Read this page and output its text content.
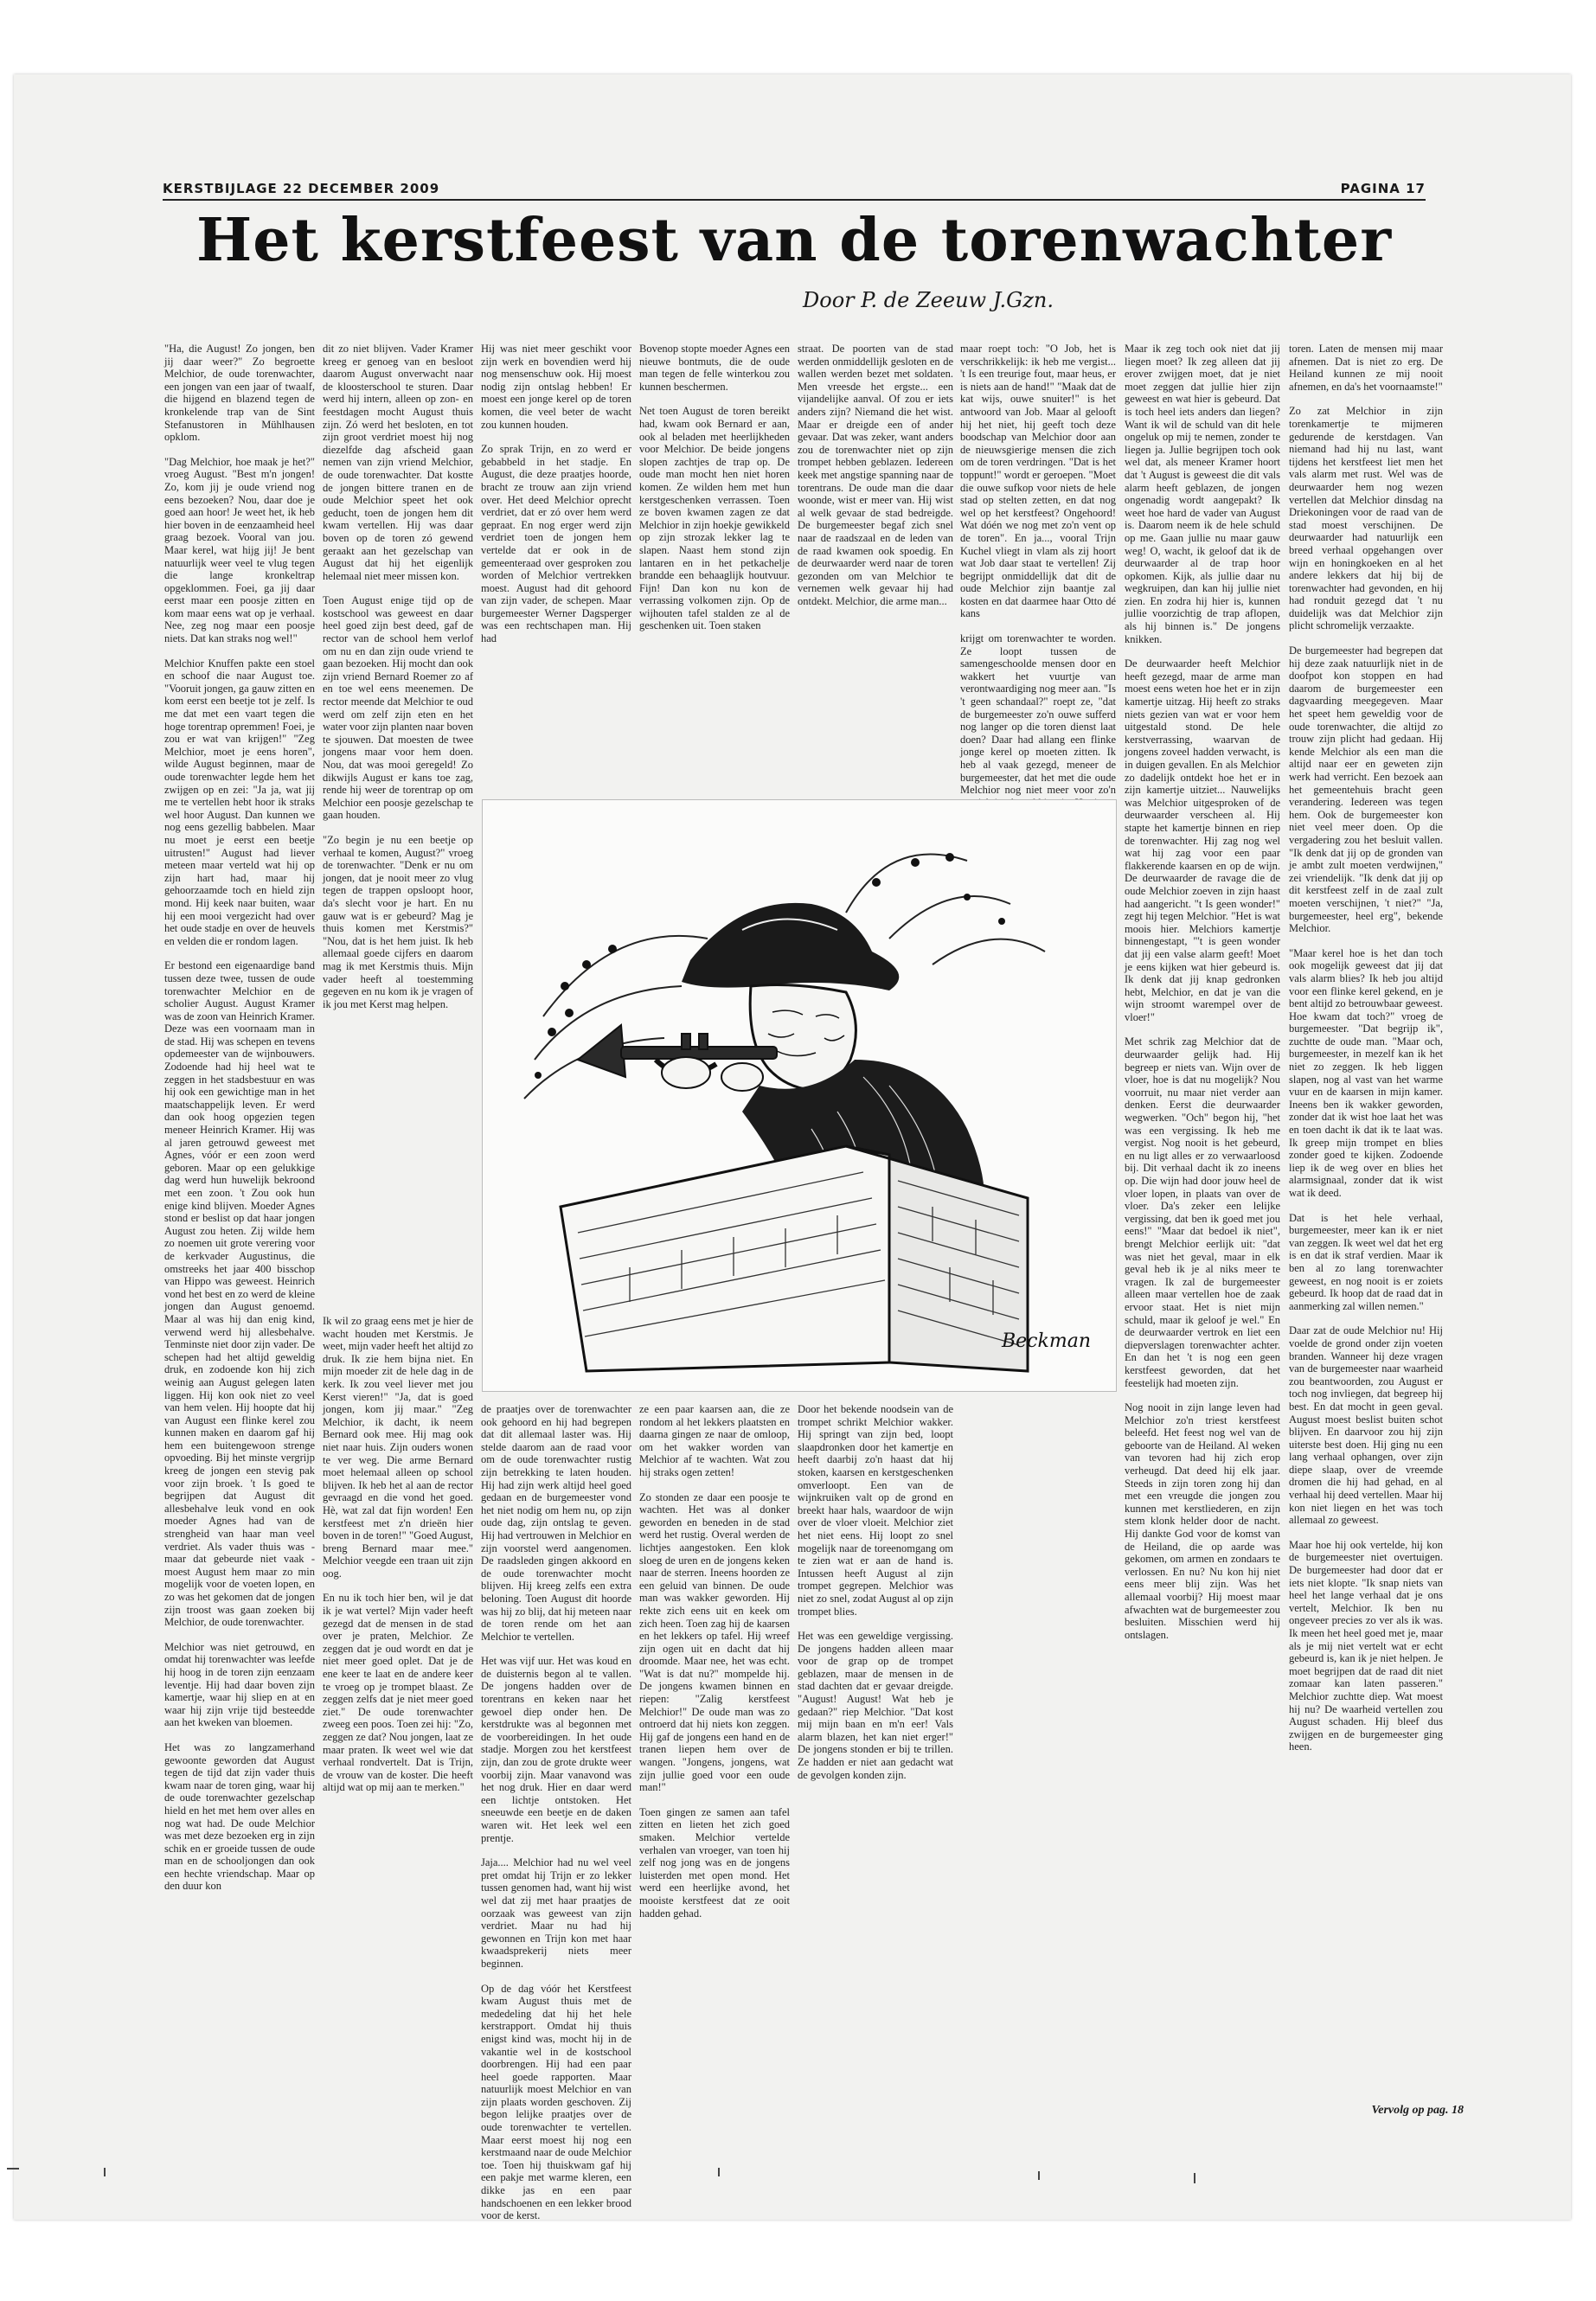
KERSTBIJLAGE 22 DECEMBER 2009	PAGINA 17
Het kerstfeest van de torenwachter
Door P. de Zeeuw J.Gzn.

"Ha, die August! Zo jongen, ben jij daar weer?" Zo begroette Melchior, de oude torenwachter, een jongen van een jaar of twaalf, die hijgend en blazend tegen de kronkelende trap van de Sint Stefanustoren in Mühlhausen opklom.

"Dag Melchior, hoe maak je het?" vroeg August. "Best m'n jongen! Zo, kom jij je oude vriend nog eens bezoeken? Nou, daar doe je goed aan hoor! Je weet het, ik heb hier boven in de eenzaamheid heel graag bezoek. Vooral van jou. Maar kerel, wat hijg jij! Je bent natuurlijk weer veel te vlug tegen die lange kronkeltrap opgeklommen. Foei, ga jij daar eerst maar een poosje zitten en kom maar eens wat op je verhaal. Nee, zeg nog maar een poosje niets. Dat kan straks nog wel!"

Melchior Knuffen pakte een stoel en schoof die naar August toe. "Vooruit jongen, ga gauw zitten en kom eerst een beetje tot je zelf. Is me dat met een vaart tegen die hoge torentrap opremmen! Foei, je zou er wat van krijgen!" "Zeg Melchior, moet je eens horen", wilde August beginnen, maar de oude torenwachter legde hem het zwijgen op en zei: "Ja ja, wat jij me te vertellen hebt hoor ik straks wel hoor August. Dan kunnen we nog eens gezellig babbelen. Maar nu moet je eerst een beetje uitrusten!" August had liever meteen maar verteld wat hij op zijn hart had, maar hij gehoorzaamde toch en hield zijn mond. Hij keek naar buiten, waar hij een mooi vergezicht had over het oude stadje en over de heuvels en velden die er rondom lagen.

Er bestond een eigenaardige band tussen deze twee, tussen de oude torenwachter Melchior en de scholier August. August Kramer was de zoon van Heinrich Kramer. Deze was een voornaam man in de stad. Hij was schepen en tevens opdemeester van de wijnbouwers. Zodoende had hij heel wat te zeggen in het stadsbestuur en was hij ook een gewichtige man in het maatschappelijk leven. Er werd dan ook hoog opgezien tegen meneer Heinrich Kramer. Hij was al jaren getrouwd geweest met Agnes, vóór er een zoon werd geboren. Maar op een gelukkige dag werd hun huwelijk bekroond met een zoon. 't Zou ook hun enige kind blijven. Moeder Agnes stond er beslist op dat haar jongen August zou heten. Zij wilde hem zo noemen uit grote verering voor de kerkvader Augustinus, die omstreeks het jaar 400 bisschop van Hippo was geweest. Heinrich vond het best en zo werd de kleine jongen dan August genoemd. Maar al was hij dan enig kind, verwend werd hij allesbehalve. Tenminste niet door zijn vader. De schepen had het altijd geweldig druk, en zodoende kon hij zich weinig aan August gelegen laten liggen. Hij kon ook niet zo veel van hem velen. Hij hoopte dat hij van August een flinke kerel zou kunnen maken en daarom gaf hij hem een buitengewoon strenge opvoeding. Bij het minste vergrijp kreeg de jongen een stevig pak voor zijn broek. 't Is goed te begrijpen dat August dit allesbehalve leuk vond en ook moeder Agnes had van de strengheid van haar man veel verdriet. Als vader thuis was - maar dat gebeurde niet vaak - moest August hem maar zo min mogelijk voor de voeten lopen, en zo was het gekomen dat de jongen zijn troost was gaan zoeken bij Melchior, de oude torenwachter.

Melchior was niet getrouwd, en omdat hij torenwachter was leefde hij hoog in de toren zijn eenzaam leventje. Hij had daar boven zijn kamertje, waar hij sliep en at en waar hij zijn vrije tijd besteedde aan het kweken van bloemen.

Het was zo langzamerhand gewoonte geworden dat August tegen de tijd dat zijn vader thuis kwam naar de toren ging, waar hij de oude torenwachter gezelschap hield en het met hem over alles en nog wat had. De oude Melchior was met deze bezoeken erg in zijn schik en er groeide tussen de oude man en de schooljongen dan ook een hechte vriendschap. Maar op den duur kon

dit zo niet blijven. Vader Kramer kreeg er genoeg van en besloot daarom August onverwacht naar de kloosterschool te sturen. Daar werd hij intern, alleen op zon- en feestdagen mocht August thuis zijn. Zó werd het besloten, en tot zijn groot verdriet moest hij nog diezelfde dag afscheid gaan nemen van zijn vriend Melchior, de oude torenwachter. Dat kostte de jongen bittere tranen en de oude Melchior speet het ook geducht, toen de jongen hem dit kwam vertellen. Hij was daar boven op de toren zó gewend geraakt aan het gezelschap van August dat hij het eigenlijk helemaal niet meer missen kon.

Toen August enige tijd op de kostschool was geweest en daar heel goed zijn best deed, gaf de rector van de school hem verlof om nu en dan zijn oude vriend te gaan bezoeken. Hij mocht dan ook zijn vriend Bernard Roemer zo af en toe wel eens meenemen. De rector meende dat Melchior te oud werd om zelf zijn eten en het water voor zijn planten naar boven te sjouwen. Dat moesten de twee jongens maar voor hem doen. Nou, dat was mooi geregeld! Zo dikwijls August er kans toe zag, rende hij weer de torentrap op om Melchior een poosje gezelschap te gaan houden.

"Zo begin je nu een beetje op verhaal te komen, August?" vroeg de torenwachter. "Denk er nu om jongen, dat je nooit meer zo vlug tegen de trappen opsloopt hoor, da's slecht voor je hart. En nu gauw wat is er gebeurd? Mag je thuis komen met Kerstmis?" "Nou, dat is het hem juist. Ik heb allemaal goede cijfers en daarom mag ik met Kerstmis thuis. Mijn vader heeft al toestemming gegeven en nu kom ik je vragen of ik jou met Kerst mag helpen.

Hij was niet meer geschikt voor zijn werk en bovendien werd hij nog mensenschuw ook. Hij moest nodig zijn ontslag hebben! Er moest een jonge kerel op de toren komen, die veel beter de wacht zou kunnen houden.

Zo sprak Trijn, en zo werd er gebabbeld in het stadje. En August, die deze praatjes hoorde, bracht ze trouw aan zijn vriend over. Het deed Melchior oprecht verdriet, dat er zó over hem werd gepraat. En nog erger werd zijn verdriet toen de jongen hem vertelde dat er ook in de gemeenteraad over gesproken zou worden of Melchior vertrekken moest. August had dit gehoord van zijn vader, de schepen. Maar burgemeester Werner Dagsperger was een rechtschapen man. Hij had

Bovenop stopte moeder Agnes een nieuwe bontmuts, die de oude man tegen de felle winterkou zou kunnen beschermen.

Net toen August de toren bereikt had, kwam ook Bernard er aan, ook al beladen met heerlijkheden voor Melchior. De beide jongens slopen zachtjes de trap op. De oude man mocht hen niet horen komen. Ze wilden hem met hun kerstgeschenken verrassen. Toen ze boven kwamen zagen ze dat Melchior in zijn hoekje gewikkeld op zijn strozak lekker lag te slapen. Naast hem stond zijn lantaren en in het petkachelje brandde een behaaglijk houtvuur. Fijn! Dan kon nu kon de verrassing volkomen zijn. Op de wijhouten tafel stalden ze al de geschenken uit. Toen staken

straat. De poorten van de stad werden onmiddellijk gesloten en de wallen werden bezet met soldaten. Men vreesde het ergste... een vijandelijke aanval. Of zou er iets anders zijn? Niemand die het wist. Maar er dreigde een of ander gevaar. Dat was zeker, want anders zou de torenwachter niet op zijn trompet hebben geblazen. Iedereen keek met angstige spanning naar de torentrans. De oude man die daar woonde, wist er meer van. Hij wist al welk gevaar de stad bedreigde. De burgemeester begaf zich snel naar de raadszaal en de leden van de raad kwamen ook spoedig. En de deurwaarder werd naar de toren gezonden om van Melchior te vernemen welk gevaar hij had ontdekt. Melchior, die arme man...

Ik wil zo graag eens met je hier de wacht houden met Kerstmis. Je weet, mijn vader heeft het altijd zo druk. Ik zie hem bijna niet. En mijn moeder zit de hele dag in de kerk. Ik zou veel liever met jou Kerst vieren!" "Ja, dat is goed jongen, kom jij maar." "Zeg Melchior, ik dacht, ik neem Bernard ook mee. Hij mag ook niet naar huis. Zijn ouders wonen te ver weg. Die arme Bernard moet helemaal alleen op school blijven. Ik heb het al aan de rector gevraagd en die vond het goed. Hè, wat zal dat fijn worden! Een kerstfeest met z'n drieën hier boven in de toren!" "Goed August, breng Bernard maar mee." Melchior veegde een traan uit zijn oog.

En nu ik toch hier ben, wil je dat ik je wat vertel? Mijn vader heeft gezegd dat de mensen in de stad over je praten, Melchior. Ze zeggen dat je oud wordt en dat je niet meer goed oplet. Dat je de ene keer te laat en de andere keer te vroeg op je trompet blaast. Ze zeggen zelfs dat je niet meer goed ziet." De oude torenwachter zweeg een poos. Toen zei hij: "Zo, zeggen ze dat? Nou jongen, laat ze maar praten. Ik weet wel wie dat verhaal rondvertelt. Dat is Trijn, de vrouw van de koster. Die heeft altijd wat op mij aan te merken."

de praatjes over de torenwachter ook gehoord en hij had begrepen dat dit allemaal laster was. Hij stelde daarom aan de raad voor om de oude torenwachter rustig zijn betrekking te laten houden. Hij had zijn werk altijd heel goed gedaan en de burgemeester vond het niet nodig om hem nu, op zijn oude dag, zijn ontslag te geven. Hij had vertrouwen in Melchior en zijn voorstel werd aangenomen. De raadsleden gingen akkoord en de oude torenwachter mocht blijven. Hij kreeg zelfs een extra beloning. Toen August dit hoorde was hij zo blij, dat hij meteen naar de toren rende om het aan Melchior te vertellen.

Het was vijf uur. Het was koud en de duisternis begon al te vallen. De jongens hadden over de torentrans en keken naar het gewoel diep onder hen. De kerstdrukte was al begonnen met de voorbereidingen. In het oude stadje. Morgen zou het kerstfeest zijn, dan zou de grote drukte weer voorbij zijn. Maar vanavond was het nog druk. Hier en daar werd een lichtje ontstoken. Het sneeuwde een beetje en de daken waren wit. Het leek wel een prentje.

Jaja.... Melchior had nu wel veel pret omdat hij Trijn er zo lekker tussen genomen had, want hij wist wel dat zij met haar praatjes de oorzaak was geweest van zijn verdriet. Maar nu had hij gewonnen en Trijn kon met haar kwaadsprekerij niets meer beginnen.

Op de dag vóór het Kerstfeest kwam August thuis met de mededeling dat hij het hele kerstrapport. Omdat hij thuis enigst kind was, mocht hij in de vakantie wel in de kostschool doorbrengen. Hij had een paar heel goede rapporten. Maar natuurlijk moest Melchior en van zijn plaats worden geschoven. Zij begon lelijke praatjes over de oude torenwachter te vertellen. Maar eerst moest hij nog een kerstmaand naar de oude Melchior toe. Toen hij thuiskwam gaf hij een pakje met warme kleren, een dikke jas en een paar handschoenen en een lekker brood voor de kerst.

ze een paar kaarsen aan, die ze rondom al het lekkers plaatsten en daarna gingen ze naar de omloop, om het wakker worden van Melchior af te wachten. Wat zou hij straks ogen zetten!

Zo stonden ze daar een poosje te wachten. Het was al donker geworden en beneden in de stad werd het rustig. Overal werden de lichtjes aangestoken. Een klok sloeg de uren en de jongens keken naar de sterren. Ineens hoorden ze een geluid van binnen. De oude man was wakker geworden. Hij rekte zich eens uit en keek om zich heen. Toen zag hij de kaarsen en het lekkers op tafel. Hij wreef zijn ogen uit en dacht dat hij droomde. Maar nee, het was echt. "Wat is dat nu?" mompelde hij. De jongens kwamen binnen en riepen: "Zalig kerstfeest Melchior!" De oude man was zo ontroerd dat hij niets kon zeggen. Hij gaf de jongens een hand en de tranen liepen hem over de wangen. "Jongens, jongens, wat zijn jullie goed voor een oude man!"

Toen gingen ze samen aan tafel zitten en lieten het zich goed smaken. Melchior vertelde verhalen van vroeger, van toen hij zelf nog jong was en de jongens luisterden met open mond. Het werd een heerlijke avond, het mooiste kerstfeest dat ze ooit hadden gehad.

Door het bekende noodsein van de trompet schrikt Melchior wakker. Hij springt van zijn bed, loopt slaapdronken door het kamertje en heeft daarbij zo'n haast dat hij stoken, kaarsen en kerstgeschenken omverloopt. Een van de wijnkruiken valt op de grond en breekt haar hals, waardoor de wijn over de vloer vloeit. Melchior ziet het niet eens. Hij loopt zo snel mogelijk naar de toreenomgang om te zien wat er aan de hand is. Intussen heeft August al zijn trompet gegrepen. Melchior was niet zo snel, zodat August al op zijn trompet blies.

Het was een geweldige vergissing. De jongens hadden alleen maar voor de grap op de trompet geblazen, maar de mensen in de stad dachten dat er gevaar dreigde. "August! August! Wat heb je gedaan?" riep Melchior. "Dat kost mij mijn baan en m'n eer! Vals alarm blazen, het kan niet erger!" De jongens stonden er bij te trillen. Ze hadden er niet aan gedacht wat de gevolgen konden zijn.

maar roept toch: "O Job, het is verschrikkelijk: ik heb me vergist... 't Is een treurige fout, maar heus, er is niets aan de hand!" "Maak dat de kat wijs, ouwe snuiter!" is het antwoord van Job. Maar al gelooft hij het niet, hij geeft toch deze boodschap van Melchior door aan de nieuwsgierige mensen die zich om de toren verdringen. "Dat is het toppunt!" wordt er geroepen. "Moet die ouwe sufkop voor niets de hele stad op stelten zetten, en dat nog wel op het kerstfeest? Ongehoord! Wat dóén we nog met zo'n vent op de toren". En ja..., vooral Trijn Kuchel vliegt in vlam als zij hoort wat Job daar staat te vertellen! Zij begrijpt onmiddellijk dat dit de oude Melchior zijn baantje zal kosten en dat daarmee haar Otto dé kans

krijgt om torenwachter te worden. Ze loopt tussen de samengeschoolde mensen door en wakkert het vuurtje van verontwaardiging nog meer aan. "Is 't geen schandaal?" roept ze, "dat de burgemeester zo'n ouwe sufferd nog langer op die toren dienst laat doen? Daar had allang een flinke jonge kerel op moeten zitten. Ik heb al vaak gezegd, meneer de burgemeester, dat het met die oude Melchior nog niet meer voor zo'n

Maar ik zeg toch ook niet dat jij liegen moet? Ik zeg alleen dat jij erover zwijgen moet, dat je niet moet zeggen dat jullie hier zijn geweest en wat hier is gebeurd. Dat is toch heel iets anders dan liegen? Want ik wil de schuld van dit hele ongeluk op mij te nemen, zonder te liegen ja. Jullie begrijpen toch ook wel dat, als meneer Kramer hoort dat 't August is geweest die dit vals alarm heeft geblazen, de jongen ongenadig wordt aangepakt? Ik weet hoe hard de vader van August is. Daarom neem ik de hele schuld op me. Gaan jullie nu maar gauw weg! O, wacht, ik geloof dat ik de deurwaarder al de trap hoor opkomen. Kijk, als jullie daar nu wegkruipen, dan kan hij jullie niet zien. En zodra hij hier is, kunnen jullie voorzichtig de trap aflopen, als hij binnen is." De jongens knikken.

De deurwaarder heeft Melchior heeft gezegd, maar de arme man moest eens weten hoe het er in zijn kamertje uitzag. Hij heeft zo straks niets gezien van wat er voor hem uitgestald stond. De hele kerstverrassing, waarvan de jongens zoveel hadden verwacht, is in duigen gevallen. En als Melchior zo dadelijk ontdekt hoe het er in zijn kamertje uitziet... Nauwelijks was Melchior uitgesproken of de deurwaarder verscheen al. Hij stapte het kamertje binnen en riep de torenwachter. Hij zag nog wel wat hij zag voor een paar flakkerende kaarsen en op de wijn. De deurwaarder de ravage die de oude Melchior zoeven in zijn haast had aangericht. "t Is geen wonder!" zegt hij tegen Melchior. "Het is wat moois hier. Melchiors kamertje binnengestapt, "'t is geen wonder dat jij een valse alarm geeft! Moet je eens kijken wat hier gebeurd is. Ik denk dat jij knap gedronken hebt, Melchior, en dat je van die wijn stroomt warempel over de vloer!"

Met schrik zag Melchior dat de deurwaarder gelijk had. Hij begreep er niets van. Wijn over de vloer, hoe is dat nu mogelijk? Nou voorruit, nu maar niet verder aan denken. Eerst die deurwaarder wegwerken. "Och" begon hij, "het was een vergissing. Ik heb me vergist. Nog nooit is het gebeurd, en nu ligt alles er zo verwaarloosd bij. Dit verhaal dacht ik zo ineens op. Die wijn had door jouw heel de vloer lopen, in plaats van over de vloer. Da's zeker een lelijke vergissing, dat ben ik goed met jou eens!" "Maar dat bedoel ik niet", brengt Melchior eerlijk uit: "dat was niet het geval, maar in elk geval heb ik je al niks meer te vragen. Ik zal de burgemeester alleen maar vertellen hoe de zaak ervoor staat. Het is niet mijn schuld, maar ik geloof je wel." En de deurwaarder vertrok en liet een diepverslagen torenwachter achter. En dan het 't is nog een geen kerstfeest geworden, dat het feestelijk had moeten zijn.

Nog nooit in zijn lange leven had Melchior zo'n triest kerstfeest beleefd. Het feest nog wel van de geboorte van de Heiland. Al weken van tevoren had hij zich erop verheugd. Dat deed hij elk jaar. Steeds in zijn toren zong hij dan met een vreugde die jongen zou kunnen met kerstliederen, en zijn stem klonk helder door de nacht. Hij dankte God voor de komst van de Heiland, die op aarde was gekomen, om armen en zondaars te verlossen. En nu? Nu kon hij niet eens meer blij zijn. Was het allemaal voorbij? Hij moest maar afwachten wat de burgemeester zou besluiten. Misschien werd hij ontslagen.

toren. Laten de mensen mij maar afnemen. Dat is niet zo erg. De Heiland kunnen ze mij nooit afnemen, en da's het voornaamste!"

Zo zat Melchior in zijn torenkamertje te mijmeren gedurende de kerstdagen. Van niemand had hij nu last, want tijdens het kerstfeest liet men het vals alarm met rust. Wel was de deurwaarder hem nog wezen vertellen dat Melchior dinsdag na Driekoningen voor de raad van de stad moest verschijnen. De deurwaarder had natuurlijk een breed verhaal opgehangen over wijn en honingkoeken en al het andere lekkers dat hij bij de torenwachter had gevonden, en hij had ronduit gezegd dat 't nu duidelijk was dat Melchior zijn plicht schromelijk verzaakte.

De burgemeester had begrepen dat hij deze zaak natuurlijk niet in de doofpot kon stoppen en had daarom de burgemeester een dagvaarding meegegeven. Maar het speet hem geweldig voor de oude torenwachter, die altijd zo trouw zijn plicht had gedaan. Hij kende Melchior als een man die altijd naar eer en geweten zijn werk had verricht. Een bezoek aan het gemeentehuis bracht geen verandering. Iedereen was tegen hem. Ook de burgemeester kon niet veel meer doen. Op die vergadering zou het besluit vallen. "Ik denk dat jij op de gronden van je ambt zult moeten verdwijnen," zei vriendelijk. "Ik denk dat jij op dit kerstfeest zelf in de zaal zult moeten verschijnen, 't niet?" "Ja, burgemeester, heel erg", bekende Melchior.

"Maar kerel hoe is het dan toch ook mogelijk geweest dat jij dat vals alarm blies? Ik heb jou altijd voor een flinke kerel gekend, en je bent altijd zo betrouwbaar geweest. Hoe kwam dat toch?" vroeg de burgemeester. "Dat begrijp ik", zuchtte de oude man. "Maar och, burgemeester, in mezelf kan ik het niet zo zeggen. Ik heb liggen slapen, nog al vast van het warme vuur en de kaarsen in mijn kamer. Ineens ben ik wakker geworden, zonder dat ik wist hoe laat het was en toen dacht ik dat ik te laat was. Ik greep mijn trompet en blies zonder goed te kijken. Zodoende liep ik de weg over en blies het alarmsignaal, zonder dat ik wist wat ik deed.

Dat is het hele verhaal, burgemeester, meer kan ik er niet van zeggen. Ik weet wel dat het erg is en dat ik straf verdien. Maar ik ben al zo lang torenwachter geweest, en nog nooit is er zoiets gebeurd. Ik hoop dat de raad dat in aanmerking zal willen nemen."

Daar zat de oude Melchior nu! Hij voelde de grond onder zijn voeten branden. Wanneer hij deze vragen van de burgemeester naar waarheid zou beantwoorden, zou August er toch nog invliegen, dat begreep hij best. En dat mocht in geen geval. August moest beslist buiten schot blijven. En daarvoor zou hij zijn uiterste best doen. Hij ging nu een lang verhaal ophangen, over zijn diepe slaap, over de vreemde dromen die hij had gehad, en al verhaal hij deed vertellen. Maar hij kon niet liegen en het was toch allemaal zo geweest.

Maar hoe hij ook vertelde, hij kon de burgemeester niet overtuigen. De burgemeester had door dat er iets niet klopte. "Ik snap niets van heel het lange verhaal dat je ons vertelt, Melchior. Ik ben nu ongeveer precies zo ver als ik was. Ik meen het heel goed met je, maar als je mij niet vertelt wat er echt gebeurd is, kan ik je niet helpen. Je moet begrijpen dat de raad dit niet zomaar kan laten passeren." Melchior zuchtte diep. Wat moest hij nu? De waarheid vertellen zou August schaden. Hij bleef dus zwijgen en de burgemeester ging heen.

Beckman
Vervolg op pag. 18
